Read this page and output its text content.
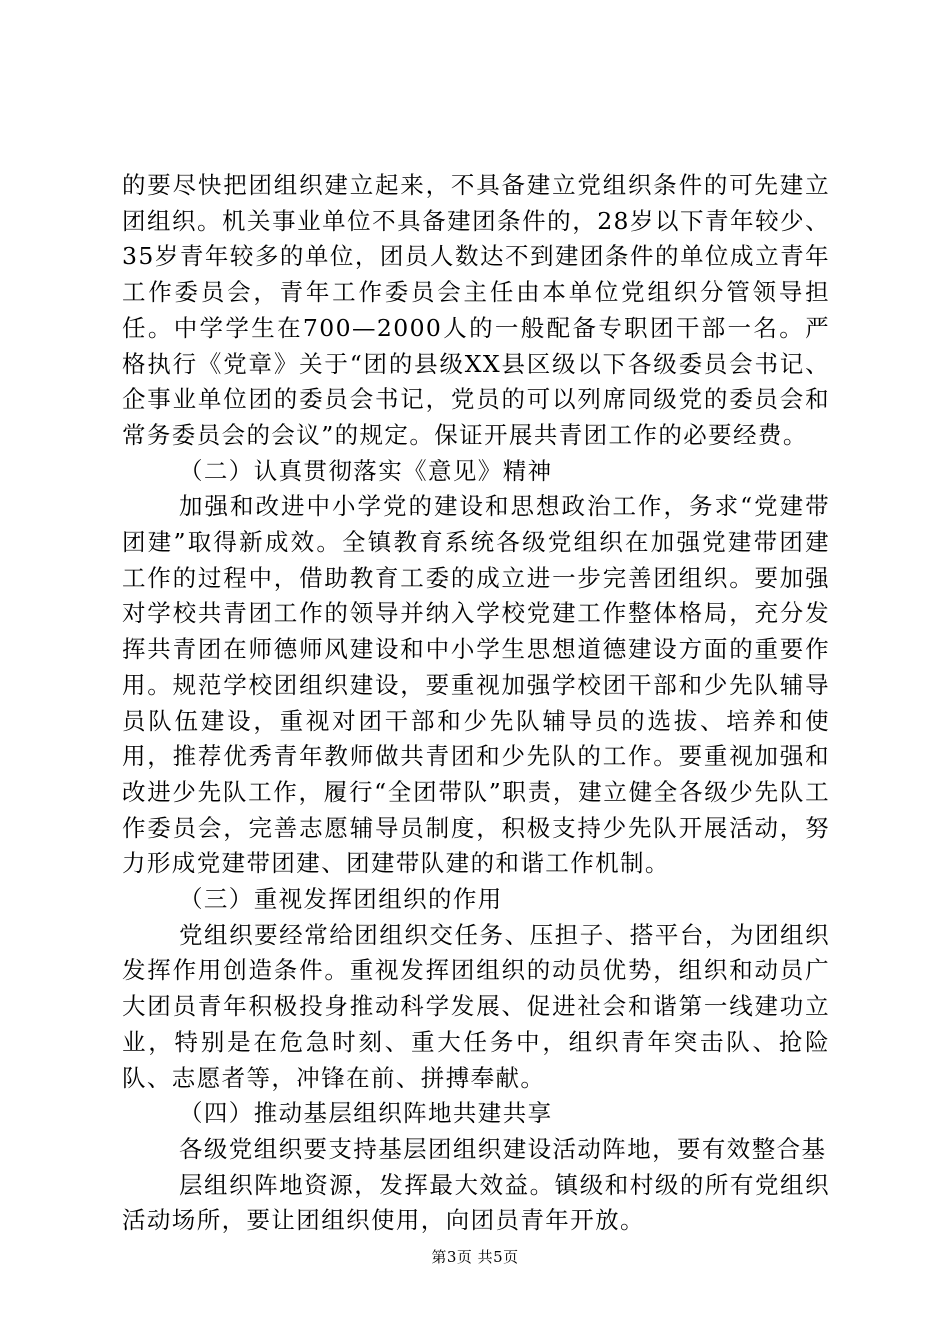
的要尽快把团组织建立起来，不具备建立党组织条件的可先建立团组织。机关事业单位不具备建团条件的，28岁以下青年较少、35岁青年较多的单位，团员人数达不到建团条件的单位成立青年工作委员会，青年工作委员会主任由本单位党组织分管领导担任。中学学生在700—2000人的一般配备专职团干部一名。严格执行《党章》关于“团的县级XX县区级以下各级委员会书记、企事业单位团的委员会书记，党员的可以列席同级党的委员会和常务委员会的会议”的规定。保证开展共青团工作的必要经费。

（二）认真贯彻落实《意见》精神

加强和改进中小学党的建设和思想政治工作，务求“党建带团建”取得新成效。全镇教育系统各级党组织在加强党建带团建工作的过程中，借助教育工委的成立进一步完善团组织。要加强对学校共青团工作的领导并纳入学校党建工作整体格局，充分发挥共青团在师德师风建设和中小学生思想道德建设方面的重要作用。规范学校团组织建设，要重视加强学校团干部和少先队辅导员队伍建设，重视对团干部和少先队辅导员的选拔、培养和使用，推荐优秀青年教师做共青团和少先队的工作。要重视加强和改进少先队工作，履行“全团带队”职责，建立健全各级少先队工作委员会，完善志愿辅导员制度，积极支持少先队开展活动，努力形成党建带团建、团建带队建的和谐工作机制。

（三）重视发挥团组织的作用

党组织要经常给团组织交任务、压担子、搭平台，为团组织发挥作用创造条件。重视发挥团组织的动员优势，组织和动员广大团员青年积极投身推动科学发展、促进社会和谐第一线建功立业，特别是在危急时刻、重大任务中，组织青年突击队、抢险队、志愿者等，冲锋在前、拼搏奉献。

（四）推动基层组织阵地共建共享

各级党组织要支持基层团组织建设活动阵地，要有效整合基

层组织阵地资源，发挥最大效益。镇级和村级的所有党组织活动场所，要让团组织使用，向团员青年开放。

第3页 共5页
